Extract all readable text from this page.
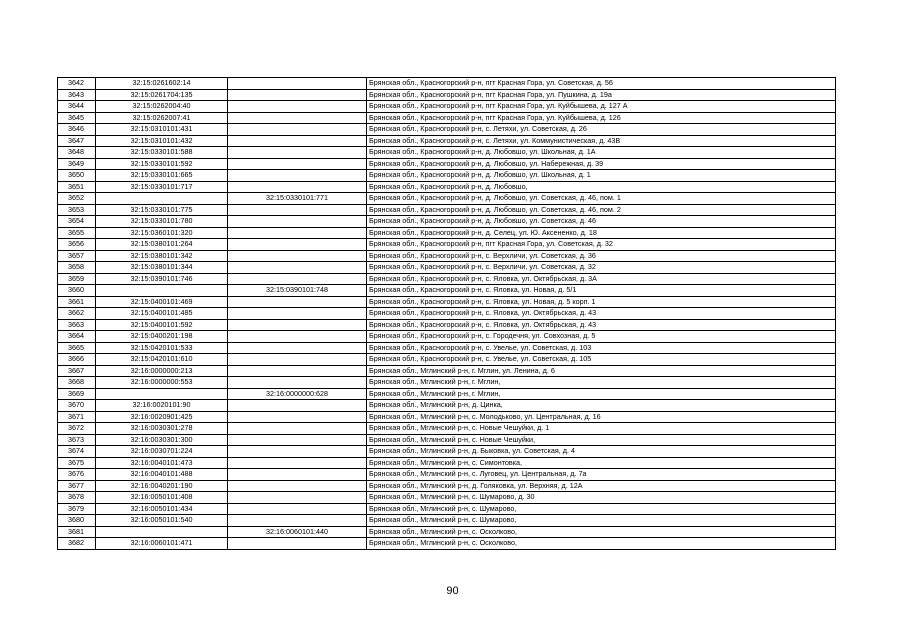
3642	32:15:0261602:14		Брянская обл., Красногорский р-н, пгт Красная Гора, ул. Советская, д. 56
3643	32:15:0261704:135		Брянская обл., Красногорский р-н, пгт Красная Гора, ул. Пушкина, д. 19а
3644	32:15:0262004:40		Брянская обл., Красногорский р-н, пгт Красная Гора, ул. Куйбышева, д. 127 А
3645	32:15:0262007:41		Брянская обл., Красногорский р-н, пгт Красная Гора, ул. Куйбышева, д. 126
3646	32:15:0310101:431		Брянская обл., Красногорский р-н, с. Летяхи, ул. Советская, д. 26
3647	32:15:0310101:432		Брянская обл., Красногорский р-н, с. Летяхи, ул. Коммунистическая, д. 43В
3648	32:15:0330101:588		Брянская обл., Красногорский р-н, д. Любовшо, ул. Школьная, д. 1А
3649	32:15:0330101:592		Брянская обл., Красногорский р-н, д. Любовшо, ул. Набережная, д. 39
3650	32:15:0330101:665		Брянская обл., Красногорский р-н, д. Любовшо, ул. Школьная, д. 1
3651	32:15:0330101:717		Брянская обл., Красногорский р-н, д. Любовшо,
3652		32:15:0330101:771	Брянская обл., Красногорский р-н, д. Любовшо, ул. Советская, д. 46, пом. 1
3653	32:15:0330101:775		Брянская обл., Красногорский р-н, д. Любовшо, ул. Советская, д. 46, пом. 2
3654	32:15:0330101:780		Брянская обл., Красногорский р-н, д. Любовшо, ул. Советская, д. 46
3655	32:15:0360101:320		Брянская обл., Красногорский р-н, д. Селец, ул. Ю. Аксененко, д. 18
3656	32:15:0380101:264		Брянская обл., Красногорский р-н, пгт Красная Гора, ул. Советская, д. 32
3657	32:15:0380101:342		Брянская обл., Красногорский р-н, с. Верхличи, ул. Советская, д. 36
3658	32:15:0380101:344		Брянская обл., Красногорский р-н, с. Верхличи, ул. Советская, д. 32
3659	32:15:0390101:746		Брянская обл., Красногорский р-н, с. Яловка, ул. Октябрьская, д. 3А
3660		32:15:0390101:748	Брянская обл., Красногорский р-н, с. Яловка, ул. Новая, д. 5/1
3661	32:15:0400101:469		Брянская обл., Красногорский р-н, с. Яловка, ул. Новая, д. 5 корп. 1
3662	32:15:0400101:485		Брянская обл., Красногорский р-н, с. Яловка, ул. Октябрьская, д. 43
3663	32:15:0400101:592		Брянская обл., Красногорский р-н, с. Яловка, ул. Октябрьская, д. 43
3664	32:15:0400201:198		Брянская обл., Красногорский р-н, с. Городечня, ул. Совхозная, д. 5
3665	32:15:0420101:533		Брянская обл., Красногорский р-н, с. Увелье, ул. Советская, д. 103
3666	32:15:0420101:610		Брянская обл., Красногорский р-н, с. Увелье, ул. Советская, д. 105
3667	32:16:0000000:213		Брянская обл., Мглинский р-н, г. Мглин, ул. Ленина, д. 6
3668	32:16:0000000:553		Брянская обл., Мглинский р-н, г. Мглин,
3669		32:16:0000000:628	Брянская обл., Мглинский р-н, г. Мглин,
3670	32:16:0020101:90		Брянская обл., Мглинский р-н, д. Цинка,
3671	32:16:0020901:425		Брянская обл., Мглинский р-н, с. Молодьково, ул. Центральная, д. 16
3672	32:16:0030301:278		Брянская обл., Мглинский р-н, с. Новые Чешуйки, д. 1
3673	32:16:0030301:300		Брянская обл., Мглинский р-н, с. Новые Чешуйки,
3674	32:16:0030701:224		Брянская обл., Мглинский р-н, д. Быковка, ул. Советская, д. 4
3675	32:16:0040101:473		Брянская обл., Мглинский р-н, с. Симонтовка,
3676	32:16:0040101:488		Брянская обл., Мглинский р-н, с. Луговец, ул. Центральная, д. 7а
3677	32:16:0040201:190		Брянская обл., Мглинский р-н, д. Голяковка, ул. Верхняя, д. 12А
3678	32:16:0050101:408		Брянская обл., Мглинский р-н, с. Шумарово, д. 30
3679	32:16:0050101:434		Брянская обл., Мглинский р-н, с. Шумарово,
3680	32:16:0050101:540		Брянская обл., Мглинский р-н, с. Шумарово,
3681		32:16:0060101:440	Брянская обл., Мглинский р-н, с. Осколково,
3682	32:16:0060101:471		Брянская обл., Мглинский р-н, с. Осколково,
90
